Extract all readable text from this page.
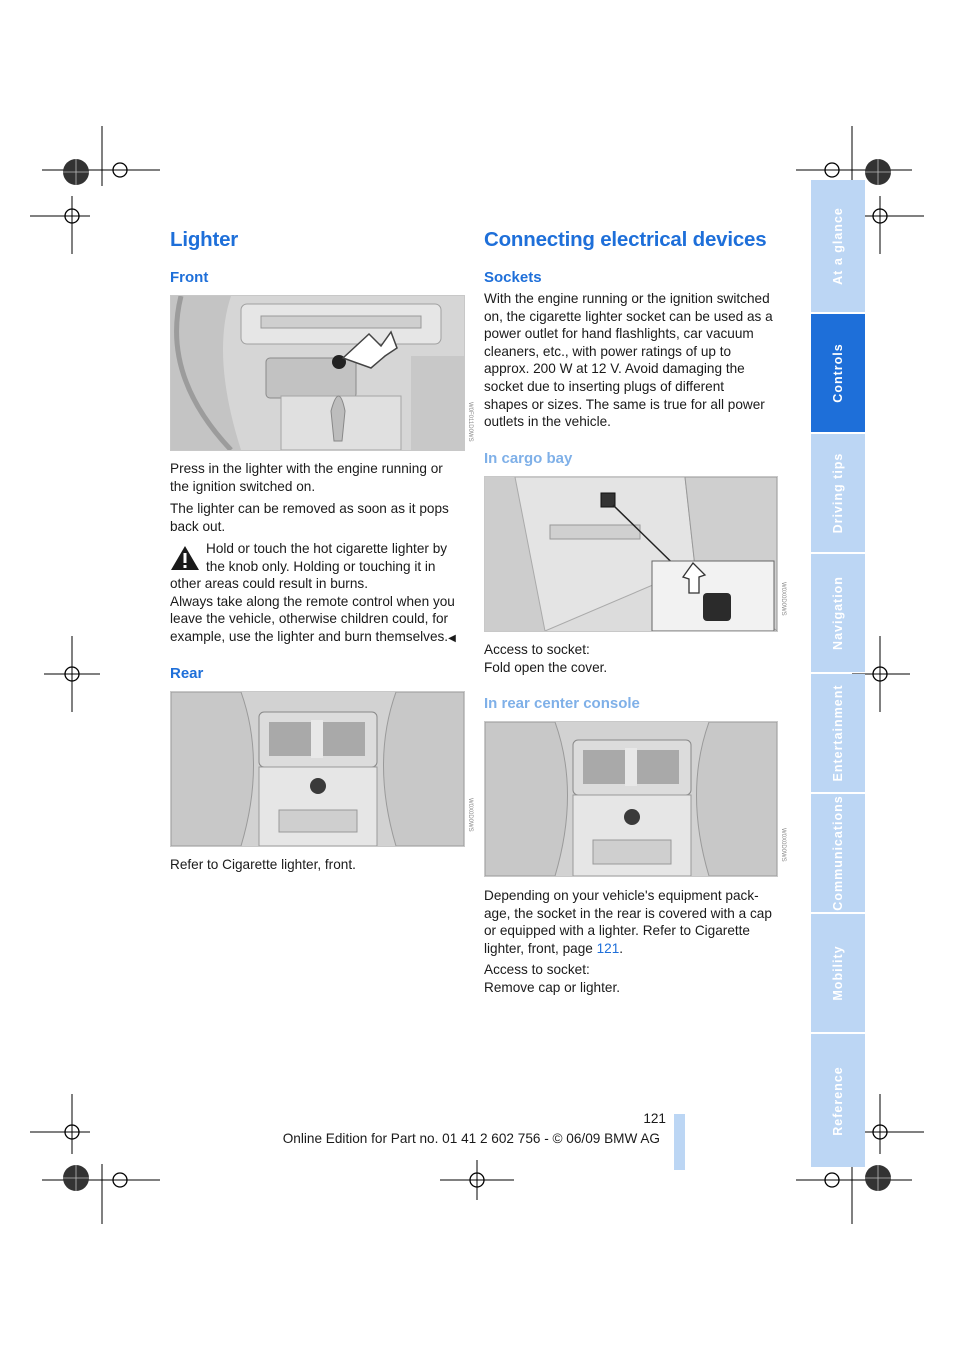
Lighter
Front
W0F011D0WS
Press in the lighter with the engine running or the ignition switched on.
The lighter can be removed as soon as it pops back out.
Hold or touch the hot cigarette lighter by
the knob only. Holding or touching it in
other areas could result in burns.
Always take along the remote control when you
leave the vehicle, otherwise children could, for
example, use the lighter and burn themselves.◀
Rear
W0X0D0WS
Refer to Cigarette lighter, front.
Connecting electrical devices
Sockets
With the engine running or the ignition switched
on, the cigarette lighter socket can be used as a
power outlet for hand flashlights, car vacuum
cleaners, etc., with power ratings of up to
approx. 200 W at 12 V. Avoid damaging the
socket due to inserting plugs of different
shapes or sizes. The same is true for all power
outlets in the vehicle.
In cargo bay
W0X0D0WS
Access to socket:
Fold open the cover.
In rear center console
W0X0D0WS
Depending on your vehicle's equipment pack-
age, the socket in the rear is covered with a cap
or equipped with a lighter. Refer to Cigarette
lighter, front, page 121.
Access to socket:
Remove cap or lighter.
At a glance
Controls
Driving tips
Navigation
Entertainment
Communications
Mobility
Reference
121
Online Edition for Part no. 01 41 2 602 756 - © 06/09 BMW AG
